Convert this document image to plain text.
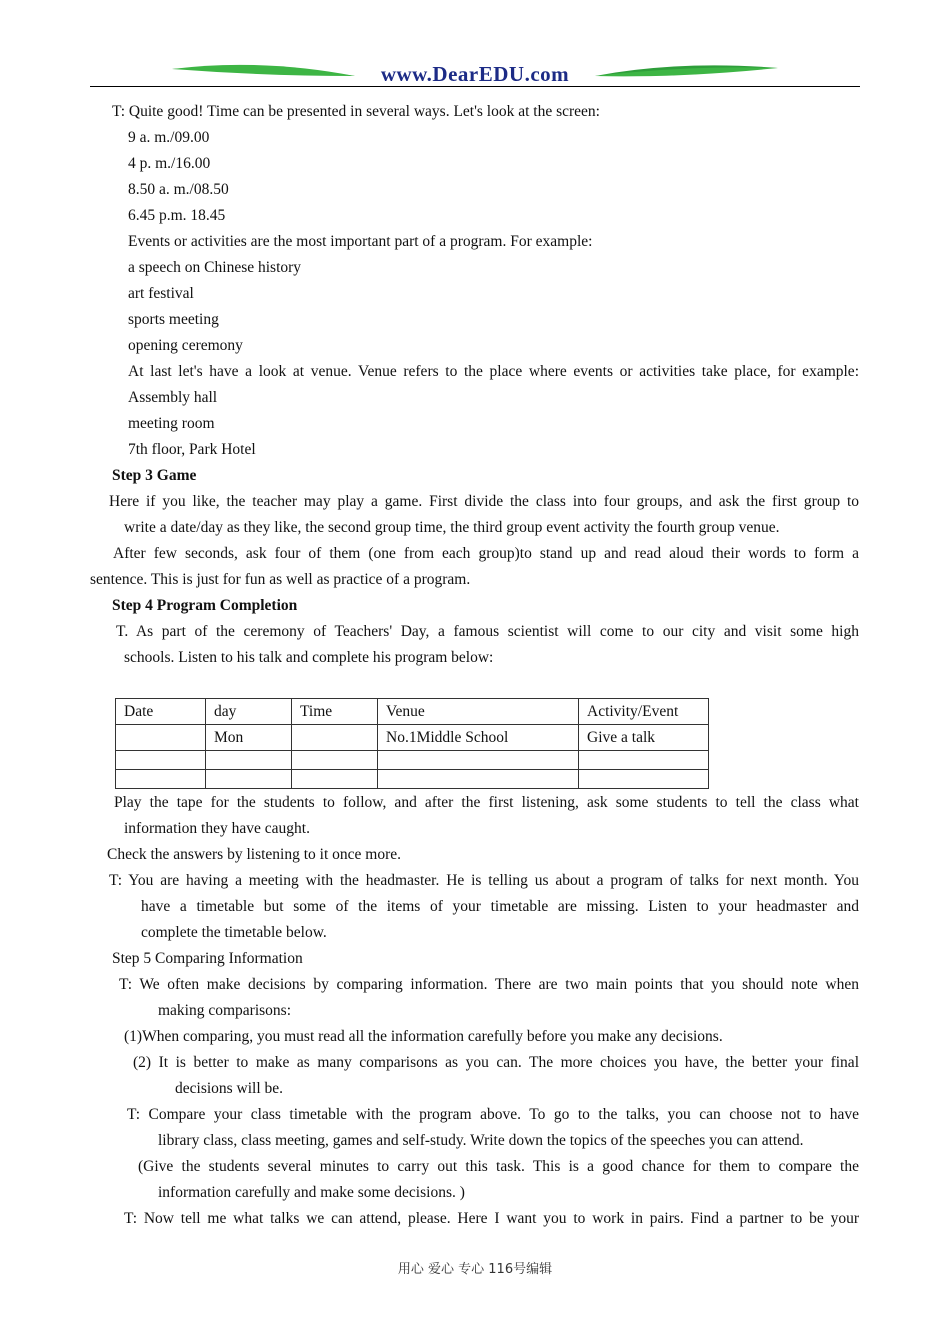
www.DearEDU.com
T: Quite good! Time can be presented in several ways. Let's look at the screen:
9 a. m./09.00
4 p. m./16.00
8.50 a. m./08.50
6.45 p.m. 18.45
Events or activities are the most important part of a program. For example:
a speech on Chinese history
art festival
sports meeting
opening ceremony
At last let's have a look at venue. Venue refers to the place where events or activities take place, for example:
Assembly hall
meeting room
7th floor, Park Hotel
Step 3 Game
Here if you like, the teacher may play a game. First divide the class into four groups, and ask the first group to
write a date/day as they like, the second group time, the third group event activity the fourth group venue.
After few seconds, ask four of them (one from each group)to stand up and read aloud their words to form a
sentence. This is just for fun as well as practice of a program.
Step 4 Program Completion
T. As part of the ceremony of Teachers' Day, a famous scientist will come to our city and visit some high
schools. Listen to his talk and complete his program below:
Date	day	Time	Venue	Activity/Event
	Mon		No.1Middle School	Give a talk

Play the tape for the students to follow, and after the first listening, ask some students to tell the class what
information they have caught.
Check the answers by listening to it once more.
T: You are having a meeting with the headmaster. He is telling us about a program of talks for next month. You
have a timetable but some of the items of your timetable are missing. Listen to your headmaster and
complete the timetable below.
Step 5 Comparing Information
T: We often make decisions by comparing information. There are two main points that you should note when
making comparisons:
(1)When comparing, you must read all the information carefully before you make any decisions.
(2) It is better to make as many comparisons as you can. The more choices you have, the better your final
decisions will be.
T: Compare your class timetable with the program above. To go to the talks, you can choose not to have
library class, class meeting, games and self-study. Write down the topics of the speeches you can attend.
(Give the students several minutes to carry out this task. This is a good chance for them to compare the
information carefully and make some decisions. )
T: Now tell me what talks we can attend, please. Here I want you to work in pairs. Find a partner to be your
用心 爱心 专心 116号编辑
